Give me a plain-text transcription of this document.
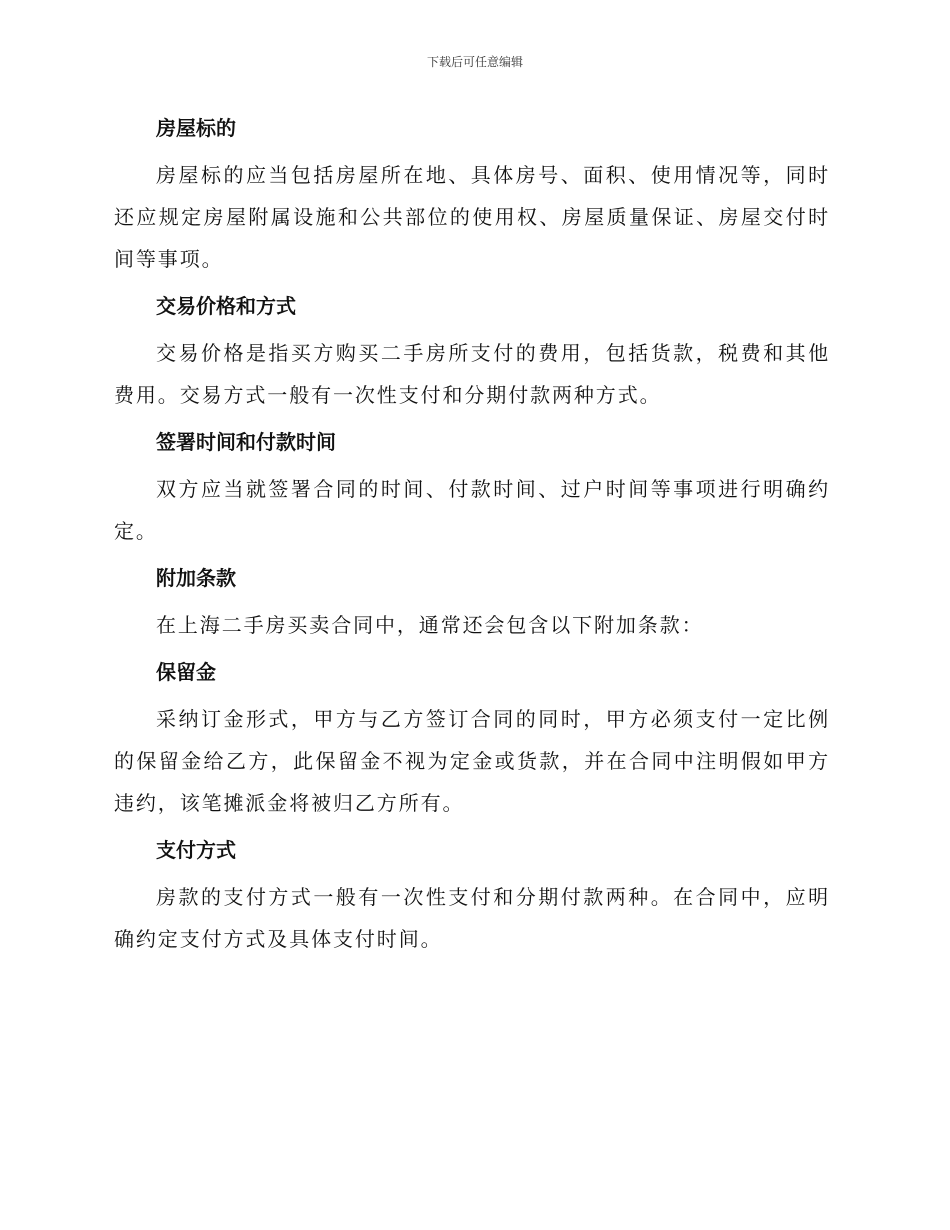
下载后可任意编辑
房屋标的

房屋标的应当包括房屋所在地、具体房号、面积、使用情况等，同时还应规定房屋附属设施和公共部位的使用权、房屋质量保证、房屋交付时间等事项。

交易价格和方式

交易价格是指买方购买二手房所支付的费用，包括货款，税费和其他费用。交易方式一般有一次性支付和分期付款两种方式。

签署时间和付款时间

双方应当就签署合同的时间、付款时间、过户时间等事项进行明确约定。

附加条款

在上海二手房买卖合同中，通常还会包含以下附加条款：

保留金

采纳订金形式，甲方与乙方签订合同的同时，甲方必须支付一定比例的保留金给乙方，此保留金不视为定金或货款，并在合同中注明假如甲方违约，该笔摊派金将被归乙方所有。

支付方式

房款的支付方式一般有一次性支付和分期付款两种。在合同中，应明确约定支付方式及具体支付时间。
